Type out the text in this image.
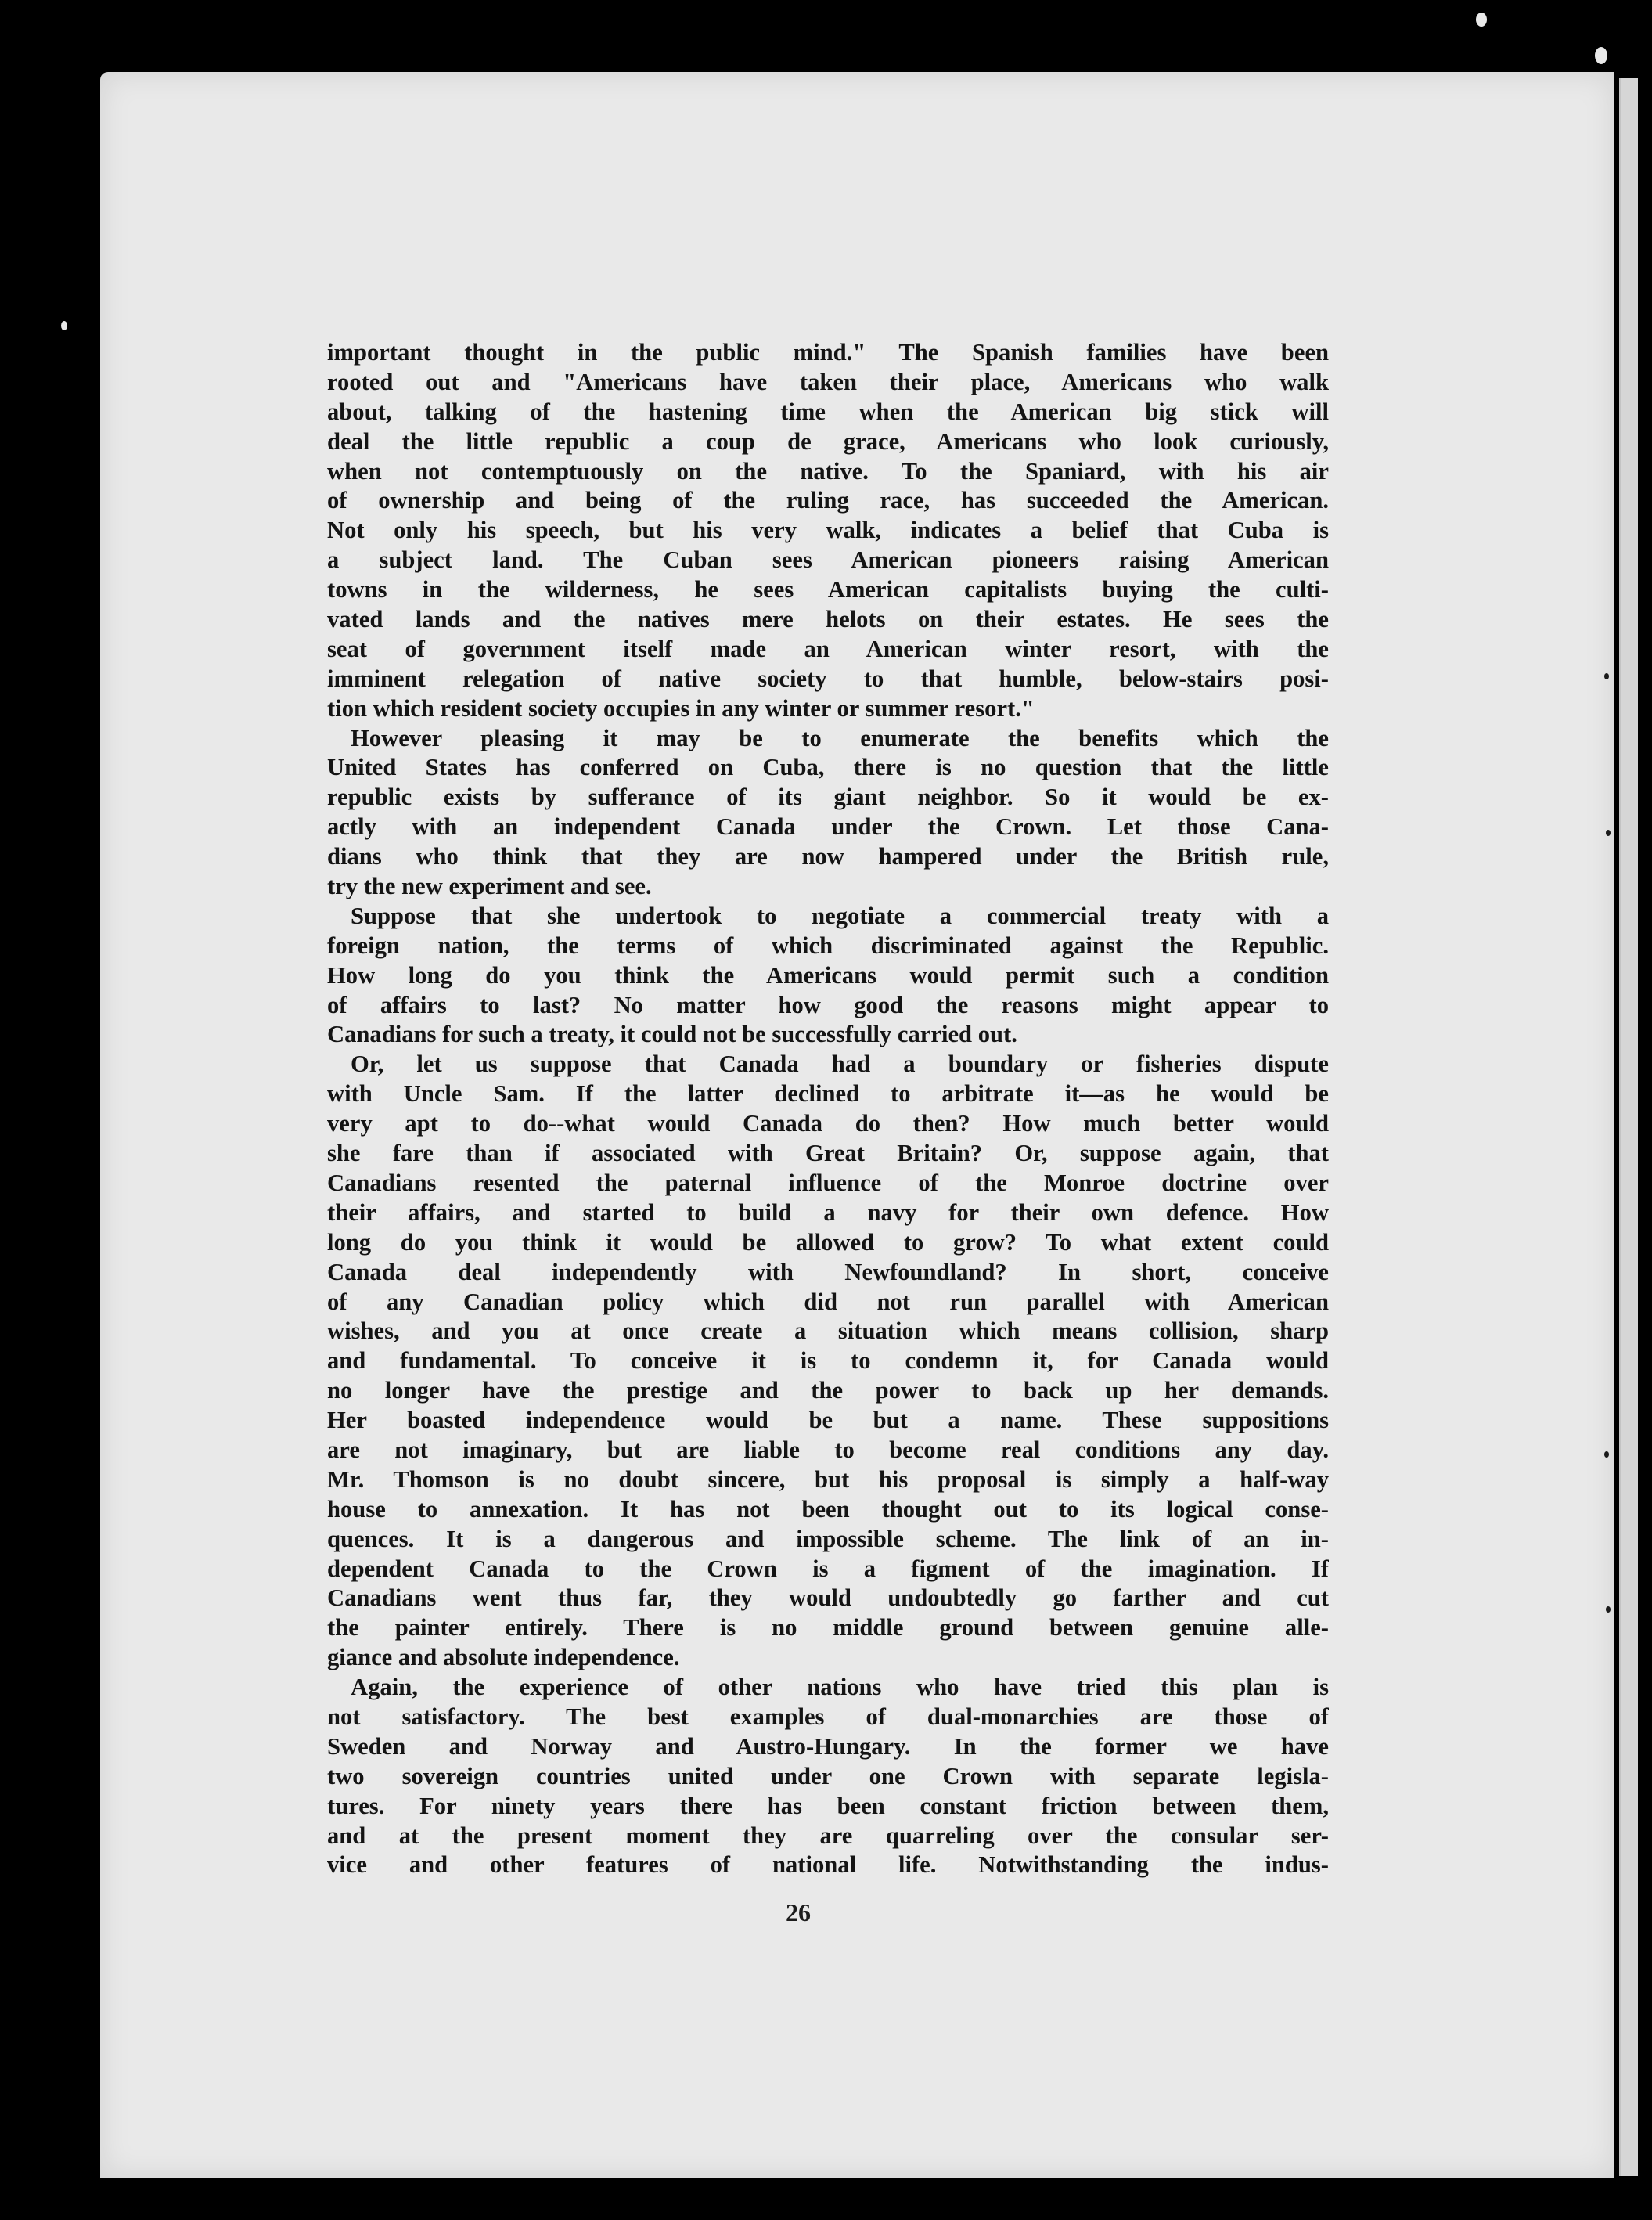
important thought in the public mind." The Spanish families have been
rooted out and "Americans have taken their place, Americans who walk
about, talking of the hastening time when the American big stick will
deal the little republic a coup de grace, Americans who look curiously,
when not contemptuously on the native. To the Spaniard, with his air
of ownership and being of the ruling race, has succeeded the American.
Not only his speech, but his very walk, indicates a belief that Cuba is
a subject land. The Cuban sees American pioneers raising American
towns in the wilderness, he sees American capitalists buying the culti-
vated lands and the natives mere helots on their estates. He sees the
seat of government itself made an American winter resort, with the
imminent relegation of native society to that humble, below-stairs posi-
tion which resident society occupies in any winter or summer resort."
However pleasing it may be to enumerate the benefits which the
United States has conferred on Cuba, there is no question that the little
republic exists by sufferance of its giant neighbor. So it would be ex-
actly with an independent Canada under the Crown. Let those Cana-
dians who think that they are now hampered under the British rule,
try the new experiment and see.
Suppose that she undertook to negotiate a commercial treaty with a
foreign nation, the terms of which discriminated against the Republic.
How long do you think the Americans would permit such a condition
of affairs to last? No matter how good the reasons might appear to
Canadians for such a treaty, it could not be successfully carried out.
Or, let us suppose that Canada had a boundary or fisheries dispute
with Uncle Sam. If the latter declined to arbitrate it—as he would be
very apt to do--what would Canada do then? How much better would
she fare than if associated with Great Britain? Or, suppose again, that
Canadians resented the paternal influence of the Monroe doctrine over
their affairs, and started to build a navy for their own defence. How
long do you think it would be allowed to grow? To what extent could
Canada deal independently with Newfoundland? In short, conceive
of any Canadian policy which did not run parallel with American
wishes, and you at once create a situation which means collision, sharp
and fundamental. To conceive it is to condemn it, for Canada would
no longer have the prestige and the power to back up her demands.
Her boasted independence would be but a name. These suppositions
are not imaginary, but are liable to become real conditions any day.
Mr. Thomson is no doubt sincere, but his proposal is simply a half-way
house to annexation. It has not been thought out to its logical conse-
quences. It is a dangerous and impossible scheme. The link of an in-
dependent Canada to the Crown is a figment of the imagination. If
Canadians went thus far, they would undoubtedly go farther and cut
the painter entirely. There is no middle ground between genuine alle-
giance and absolute independence.
Again, the experience of other nations who have tried this plan is
not satisfactory. The best examples of dual-monarchies are those of
Sweden and Norway and Austro-Hungary. In the former we have
two sovereign countries united under one Crown with separate legisla-
tures. For ninety years there has been constant friction between them,
and at the present moment they are quarreling over the consular ser-
vice and other features of national life. Notwithstanding the indus-
26
